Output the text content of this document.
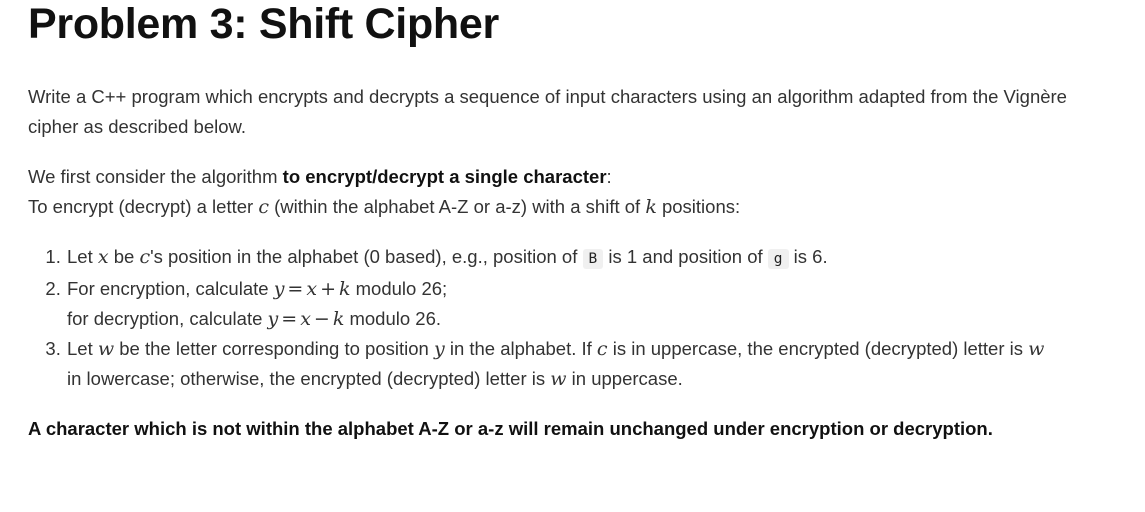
Problem 3: Shift Cipher

Write a C++ program which encrypts and decrypts a sequence of input characters using an algorithm adapted from the Vignère cipher as described below.

We first consider the algorithm to encrypt/decrypt a single character:
To encrypt (decrypt) a letter c (within the alphabet A-Z or a-z) with a shift of k positions:

1. Let x be c's position in the alphabet (0 based), e.g., position of B is 1 and position of g is 6.
2. For encryption, calculate y = x + k modulo 26;
for decryption, calculate y = x − k modulo 26.
3. Let w be the letter corresponding to position y in the alphabet. If c is in uppercase, the encrypted (decrypted) letter is w
in lowercase; otherwise, the encrypted (decrypted) letter is w in uppercase.

A character which is not within the alphabet A-Z or a-z will remain unchanged under encryption or decryption.
